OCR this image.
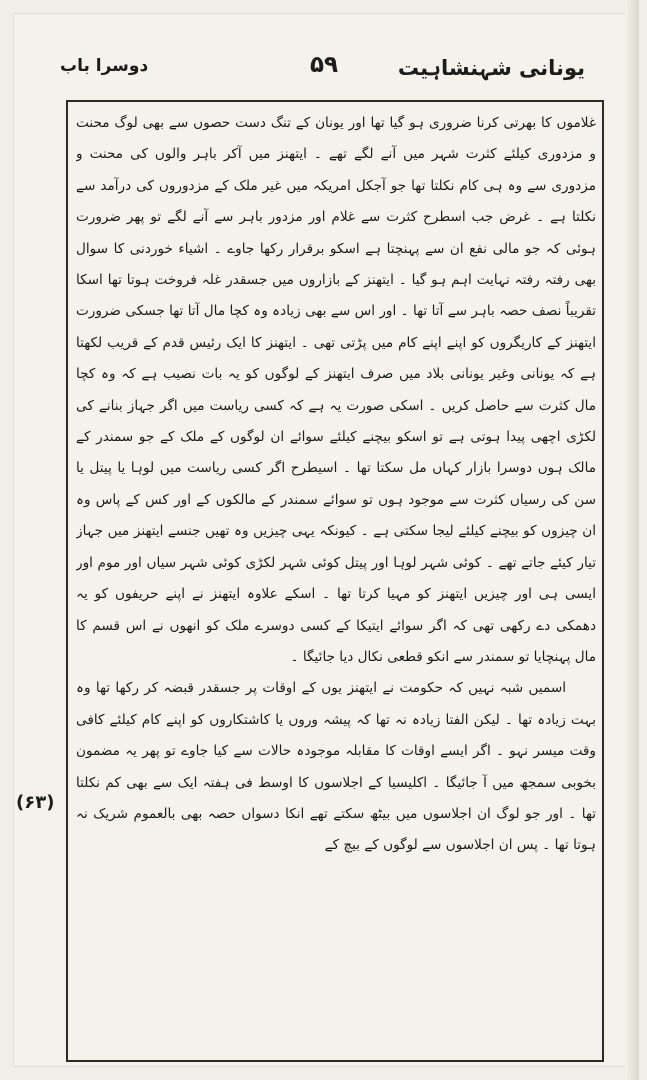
یونانی شہنشاہیت
۵۹
دوسرا باب

غلاموں کا بھرتی کرنا ضروری ہو گیا تھا اور یونان کے تنگ دست حصوں سے بھی لوگ محنت و مزدوری کیلئے کثرت شہر میں آنے لگے تھے ۔ ایتھنز میں آکر باہر والوں کی محنت و مزدوری سے وہ ہی کام نکلتا تھا جو آجکل امریکہ میں غیر ملک کے مزدوروں کی درآمد سے نکلتا ہے ۔ غرض جب اسطرح کثرت سے غلام اور مزدور باہر سے آنے لگے تو پھر ضرورت ہوئی کہ جو مالی نفع ان سے پہنچتا ہے اسکو برقرار رکھا جاوے ۔ اشیاء خوردنی کا سوال بھی رفتہ رفتہ نہایت اہم ہو گیا ۔ ایتھنز کے بازاروں میں جسقدر غلہ فروخت ہوتا تھا اسکا تقریباً نصف حصہ باہر سے آتا تھا ۔ اور اس سے بھی زیادہ وہ کچا مال آتا تھا جسکی ضرورت ایتھنز کے کاریگروں کو اپنے اپنے کام میں پڑتی تھی ۔ ایتھنز کا ایک رئیس قدم کے قریب لکھتا ہے کہ یونانی وغیر یونانی بلاد میں صرف ایتھنز کے لوگوں کو یہ بات نصیب ہے کہ وہ کچا مال کثرت سے حاصل کریں ۔ اسکی صورت یہ ہے کہ کسی ریاست میں اگر جہاز بنانے کی لکڑی اچھی پیدا ہوتی ہے تو اسکو بیچنے کیلئے سوائے ان لوگوں کے ملک کے جو سمندر کے مالک ہوں دوسرا بازار کہاں مل سکتا تھا ۔ اسیطرح اگر کسی ریاست میں لوہا یا پیتل یا سن کی رسیاں کثرت سے موجود ہوں تو سوائے سمندر کے مالکوں کے اور کس کے پاس وہ ان چیزوں کو بیچنے کیلئے لیجا سکتی ہے ۔ کیونکہ یہی چیزیں وہ تھیں جنسے ایتھنز میں جہاز تیار کیئے جاتے تھے ۔ کوئی شہر لوہا اور پیتل کوئی شہر لکڑی کوئی شہر سیاں اور موم اور ایسی ہی اور چیزیں ایتھنز کو مہیا کرتا تھا ۔ اسکے علاوہ ایتھنز نے اپنے حریفوں کو یہ دھمکی دے رکھی تھی کہ اگر سوائے ایتیکا کے کسی دوسرے ملک کو انھوں نے اس قسم کا مال پہنچایا تو سمندر سے انکو قطعی نکال دیا جائیگا ۔

اسمیں شبہ نہیں کہ حکومت نے ایتھنز یوں کے اوقات پر جسقدر قبضہ کر رکھا تھا وہ بہت زیادہ تھا ۔ لیکن الفتا زیادہ نہ تھا کہ پیشہ وروں یا کاشتکاروں کو اپنے کام کیلئے کافی وقت میسر نہو ۔ اگر ایسے اوقات کا مقابلہ موجودہ حالات سے کیا جاوے تو پھر یہ مضمون بخوبی سمجھ میں آ جائیگا ۔ اکلیسیا کے اجلاسوں کا اوسط فی ہفتہ ایک سے بھی کم نکلتا تھا ۔ اور جو لوگ ان اجلاسوں میں بیٹھ سکتے تھے انکا دسواں حصہ بھی بالعموم شریک نہ ہوتا تھا ۔ پس ان اجلاسوں سے لوگوں کے بیچ کے

(۶۳)
